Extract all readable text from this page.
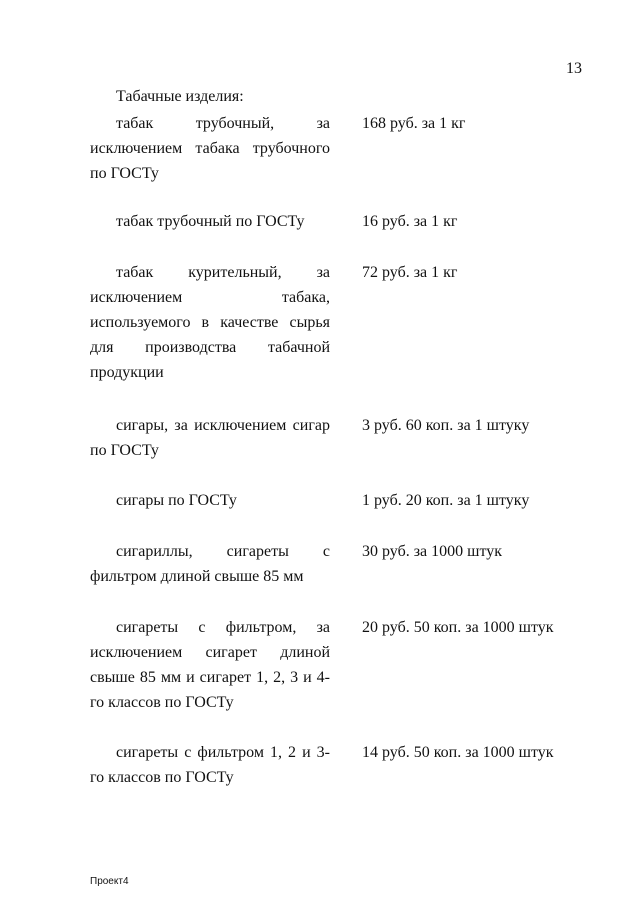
13
Табачные изделия:
табак трубочный, за исключением табака трубочного по ГОСТу
168 руб. за 1 кг
табак трубочный по ГОСТу	16 руб. за 1 кг
табак курительный, за исключением табака, используемого в качестве сырья для производства табачной продукции
72 руб. за 1 кг
сигары, за исключением сигар по ГОСТу
3 руб. 60 коп. за 1 штуку
сигары по ГОСТу	1 руб. 20 коп. за 1 штуку
сигариллы, сигареты с фильтром длиной свыше 85 мм
30 руб. за 1000 штук
сигареты с фильтром, за исключением сигарет длиной свыше 85 мм и сигарет 1, 2, 3 и 4-го классов по ГОСТу
20 руб. 50 коп. за 1000 штук
сигареты с фильтром 1, 2 и 3-го классов по ГОСТу
14 руб. 50 коп. за 1000 штук
Проект4
